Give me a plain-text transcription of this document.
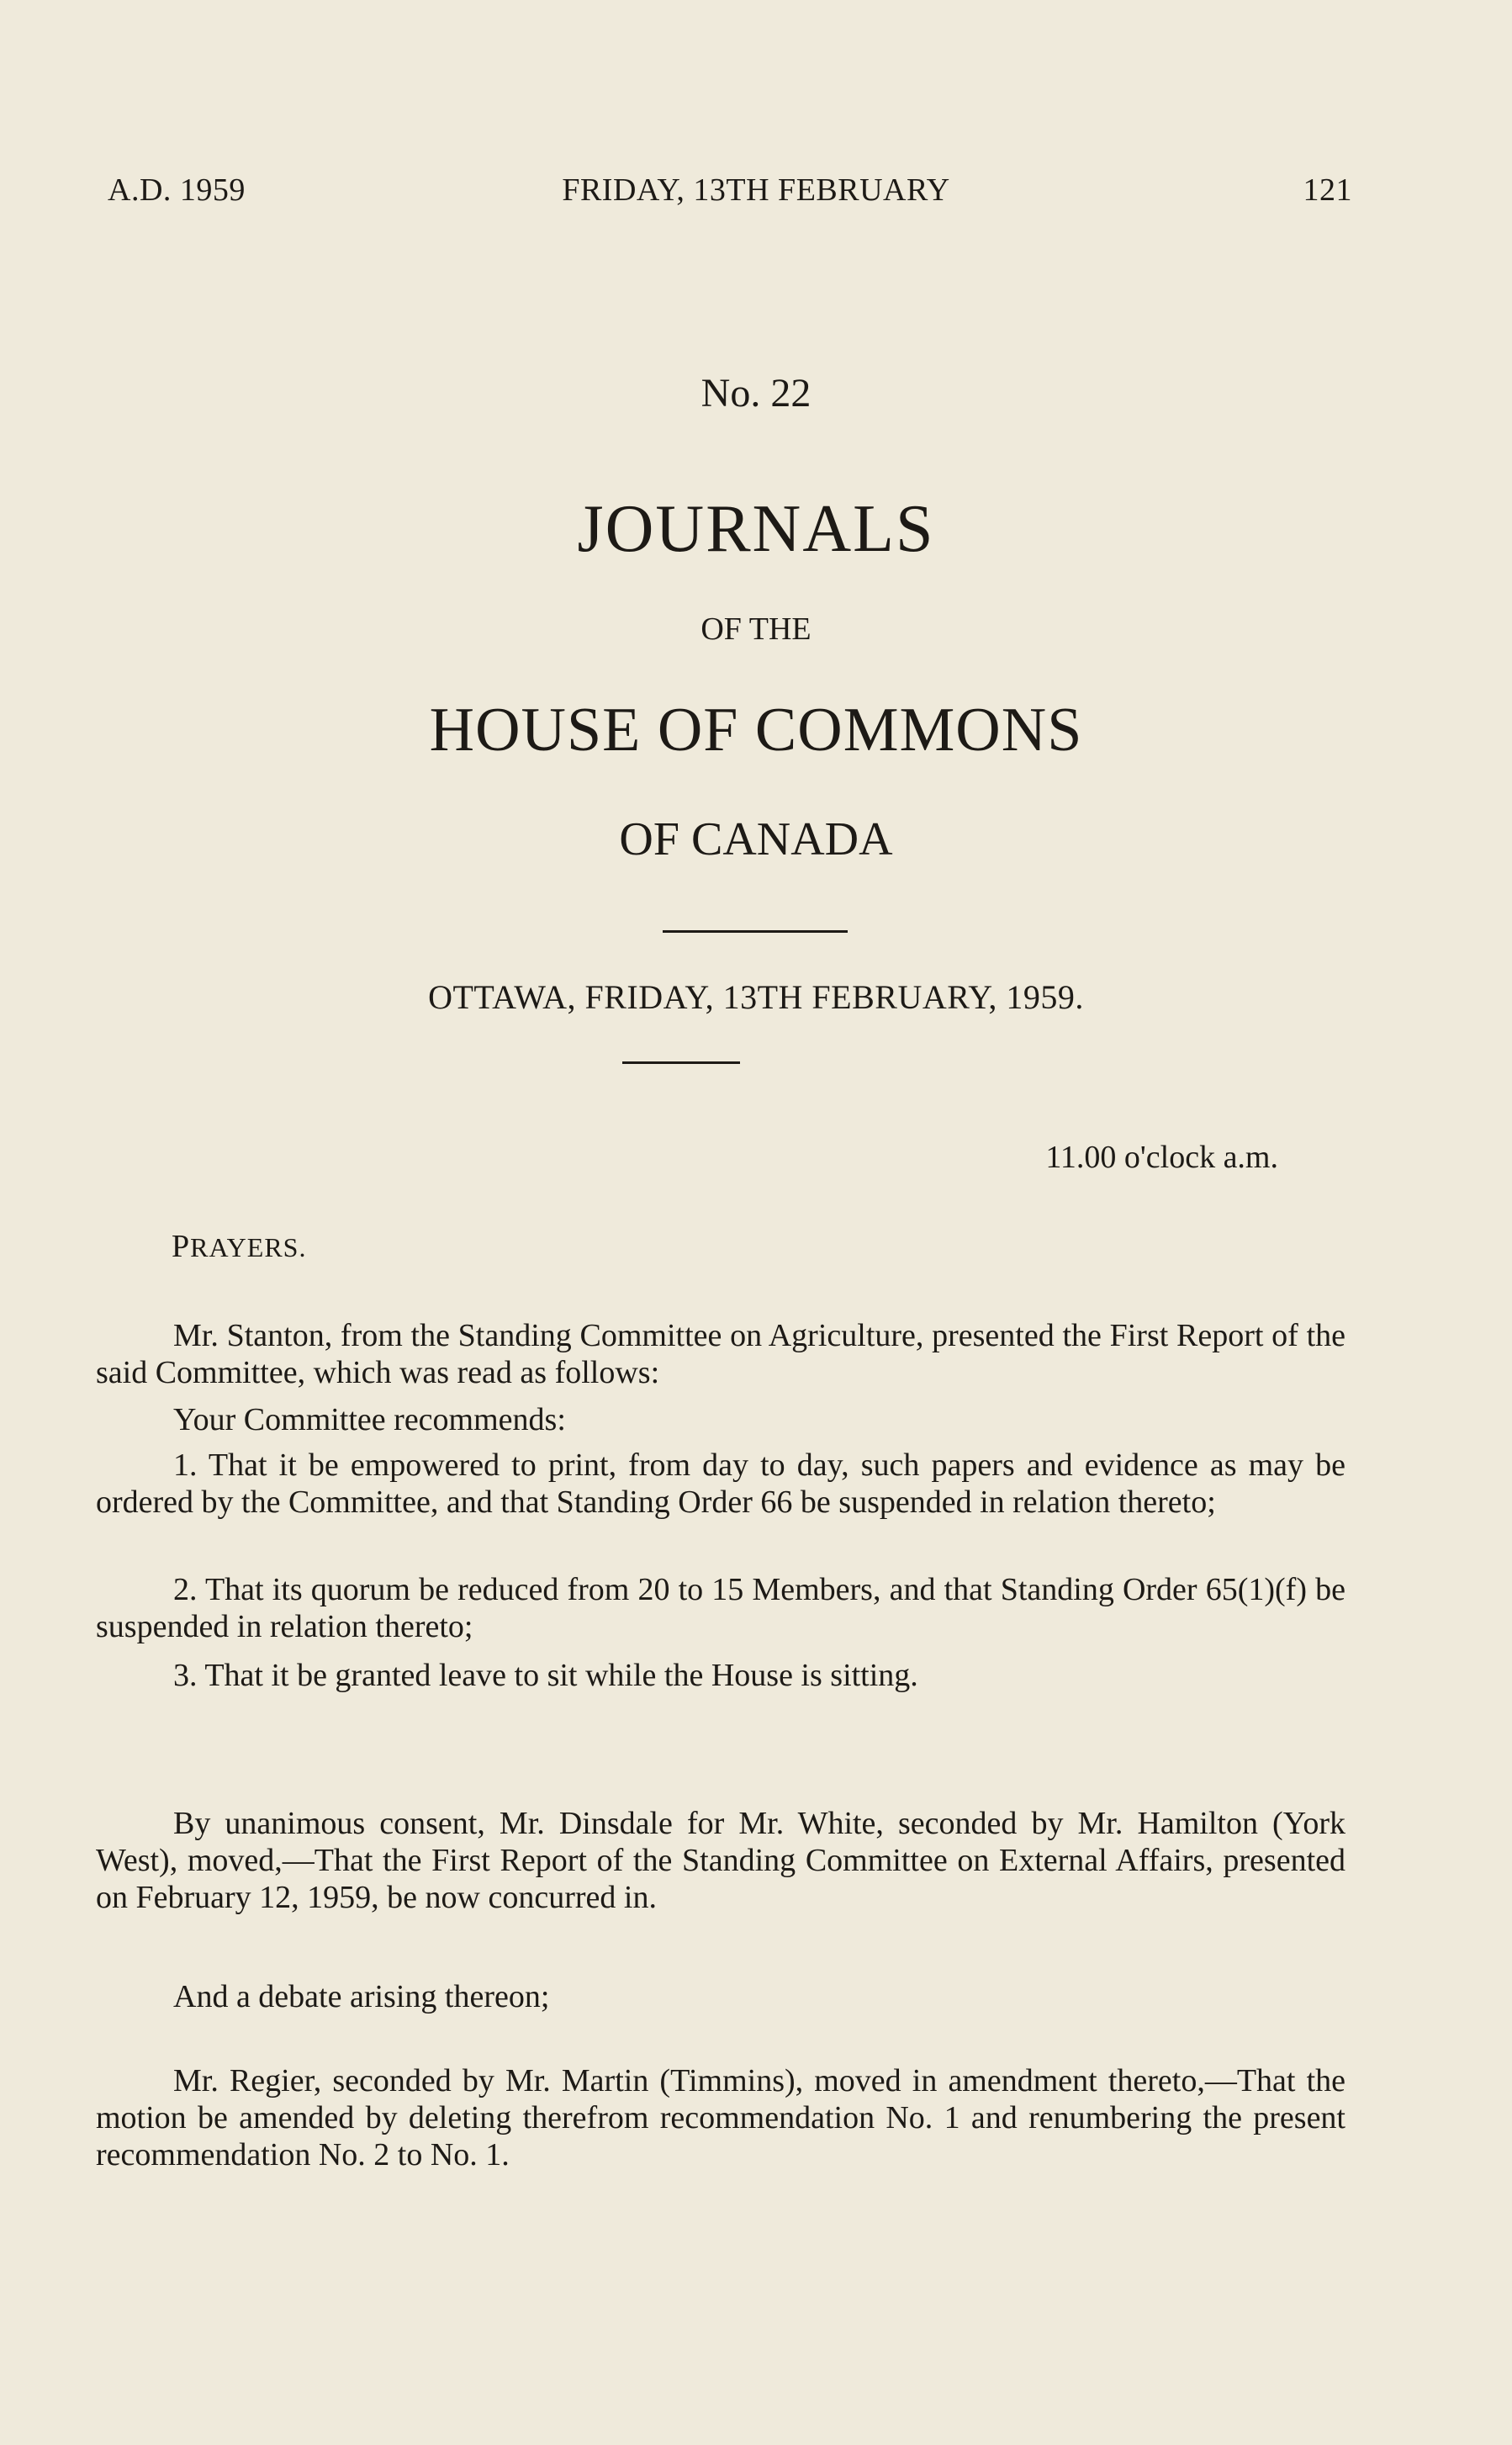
A.D. 1959	FRIDAY, 13TH FEBRUARY	121
No. 22
JOURNALS
OF THE
HOUSE OF COMMONS
OF CANADA
OTTAWA, FRIDAY, 13TH FEBRUARY, 1959.
11.00 o'clock a.m.
PRAYERS.
Mr. Stanton, from the Standing Committee on Agriculture, presented the First Report of the said Committee, which was read as follows:
Your Committee recommends:
1. That it be empowered to print, from day to day, such papers and evidence as may be ordered by the Committee, and that Standing Order 66 be suspended in relation thereto;
2. That its quorum be reduced from 20 to 15 Members, and that Standing Order 65(1)(f) be suspended in relation thereto;
3. That it be granted leave to sit while the House is sitting.
By unanimous consent, Mr. Dinsdale for Mr. White, seconded by Mr. Hamilton (York West), moved,—That the First Report of the Standing Committee on External Affairs, presented on February 12, 1959, be now concurred in.
And a debate arising thereon;
Mr. Regier, seconded by Mr. Martin (Timmins), moved in amendment thereto,—That the motion be amended by deleting therefrom recommendation No. 1 and renumbering the present recommendation No. 2 to No. 1.
